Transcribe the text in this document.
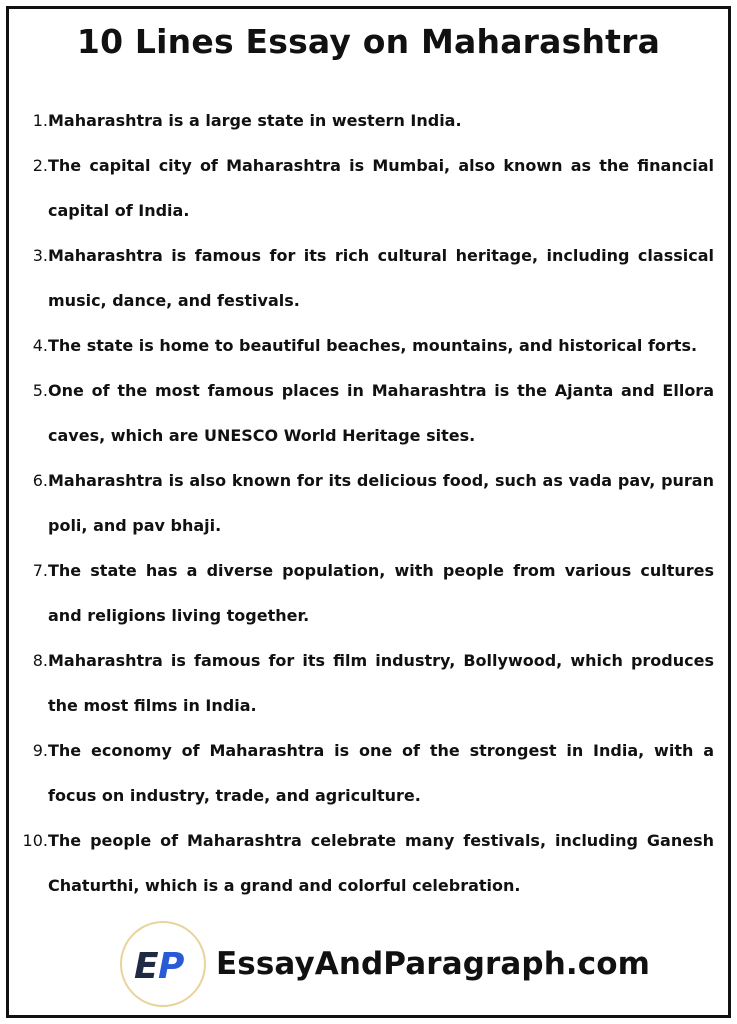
10 Lines Essay on Maharashtra
1. Maharashtra is a large state in western India.
2. The capital city of Maharashtra is Mumbai, also known as the financial capital of India.
3. Maharashtra is famous for its rich cultural heritage, including classical music, dance, and festivals.
4. The state is home to beautiful beaches, mountains, and historical forts.
5. One of the most famous places in Maharashtra is the Ajanta and Ellora caves, which are UNESCO World Heritage sites.
6. Maharashtra is also known for its delicious food, such as vada pav, puran poli, and pav bhaji.
7. The state has a diverse population, with people from various cultures and religions living together.
8. Maharashtra is famous for its film industry, Bollywood, which produces the most films in India.
9. The economy of Maharashtra is one of the strongest in India, with a focus on industry, trade, and agriculture.
10. The people of Maharashtra celebrate many festivals, including Ganesh Chaturthi, which is a grand and colorful celebration.
E P EssayAndParagraph.com
